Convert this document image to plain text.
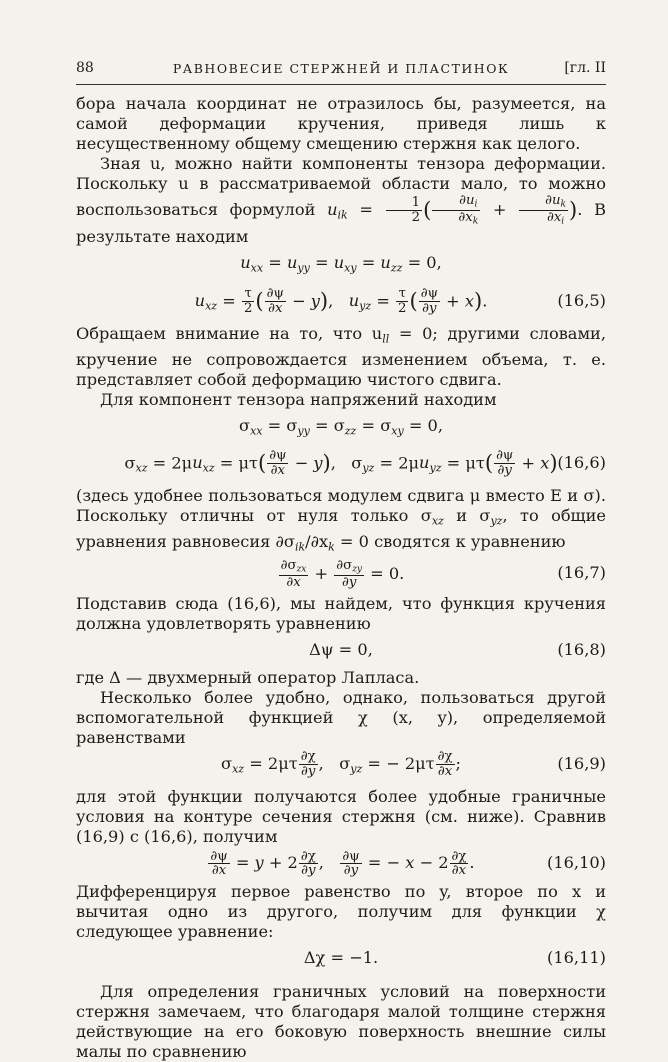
88	РАВНОВЕСИЕ СТЕРЖНЕЙ И ПЛАСТИНОК	[гл. II

бора начала координат не отразилось бы, разумеется, на самой деформации кручения, приведя лишь к несущественному общему смещению стержня как целого.

Зная u, можно найти компоненты тензора деформации. Поскольку u в рассматриваемой области мало, то можно воспользоваться формулой $u_{ik} = \frac{1}{2}$ ( $\frac{\partial u_i}{\partial x_k} + \frac{\partial u_k}{\partial x_i}$ ). В результате находим

$u_{xx} = u_{yy} = u_{xy} = u_{zz} = 0$,
$u_{xz} = \frac{\tau}{2}$ ( $\frac{\partial\psi}{\partial x} - y$),   $u_{yz} = \frac{\tau}{2}$ ( $\frac{\partial\psi}{\partial y} + x$).	(16,5)

Обращаем внимание на то, что $u_{ll} = 0$; другими словами, кручение не сопровождается изменением объема, т. е. представляет собой деформацию чистого сдвига.

Для компонент тензора напряжений находим

$\sigma_{xx} = \sigma_{yy} = \sigma_{zz} = \sigma_{xy} = 0$,
$\sigma_{xz} = 2\mu u_{xz} = \mu\tau( \frac{\partial\psi}{\partial x} - y)$,   $\sigma_{yz} = 2\mu u_{yz} = \mu\tau( \frac{\partial\psi}{\partial y} + x)$ (16,6)

(здесь удобнее пользоваться модулем сдвига μ вместо E и σ). Поскольку отличны от нуля только $\sigma_{xz}$ и $\sigma_{yz}$, то общие уравнения равновесия $\partial\sigma_{ik}/\partial x_k = 0$ сводятся к уравнению

$\partial\sigma_{zx}$
$\partial x + \partial\sigma_{zy}$
∂y = 0.	(16,7)

Подставив сюда (16,6), мы найдем, что функция кручения должна удовлетворять уравнению

Δψ = 0,	(16,8)

где Δ — двухмерный оператор Лапласа.

Несколько более удобно, однако, пользоваться другой вспомогательной функцией χ (x, y), определяемой равенствами

$\sigma_{xz} = 2\mu\tau \frac{\partial\chi}{\partial y}$ ,   $\sigma_{yz}$ = − $2\mu\tau \frac{\partial\chi}{\partial x}$ ;	(16,9)

для этой функции получаются более удобные граничные условия на контуре сечения стержня (см. ниже). Сравнив (16,9) с (16,6), получим

$\frac{\partial\psi}{\partial x} = y + 2 \frac{\partial\chi}{\partial y}$ , $\frac{\partial\psi}{\partial y}$ = − $x - 2 \frac{\partial\chi}{\partial x}$ .	(16,10)

Дифференцируя первое равенство по y, второе по x и вычитая одно из другого, получим для функции χ следующее уравнение:

Δχ = −1.	(16,11)

Для определения граничных условий на поверхности стержня замечаем, что благодаря малой толщине стержня действующие на его боковую поверхность внешние силы малы по сравнению
